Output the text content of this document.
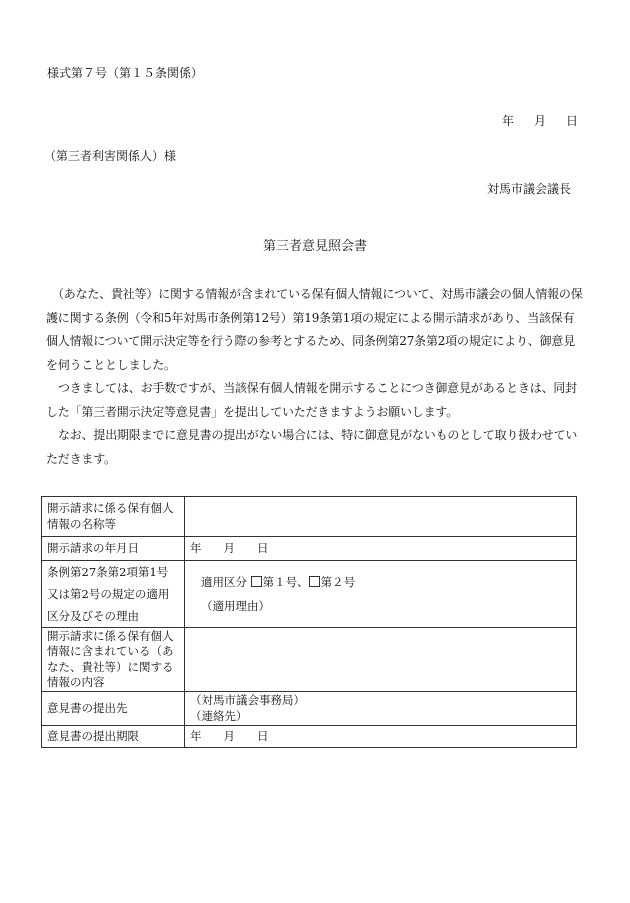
様式第７号（第１５条関係）
年 月 日
（第三者利害関係人）様
対馬市議会議長
第三者意見照会書

（あなた、貴社等）に関する情報が含まれている保有個人情報について、対馬市議会の個人情報の保護に関する条例（令和5年対馬市条例第12号）第19条第1項の規定による開示請求があり、当該保有個人情報について開示決定等を行う際の参考とするため、同条例第27条第2項の規定により、御意見を伺うこととしました。

つきましては、お手数ですが、当該保有個人情報を開示することにつき御意見があるときは、同封した「第三者開示決定等意見書」を提出していただきますようお願いします。

なお、提出期限までに意見書の提出がない場合には、特に御意見がないものとして取り扱わせていただきます。

開示請求に係る保有個人情報の名称等	
開示請求の年月日	年 月 日

条例第27条第2項第1号
又は第2号の規定の適用
区分及びその理由	適用区分 第１号、 第２号
（適用理由）

開示請求に係る保有個人情報に含まれている（あなた、貴社等）に関する情報の内容	
意見書の提出先	（対馬市議会事務局）
（連絡先）

意見書の提出期限	年 月 日
